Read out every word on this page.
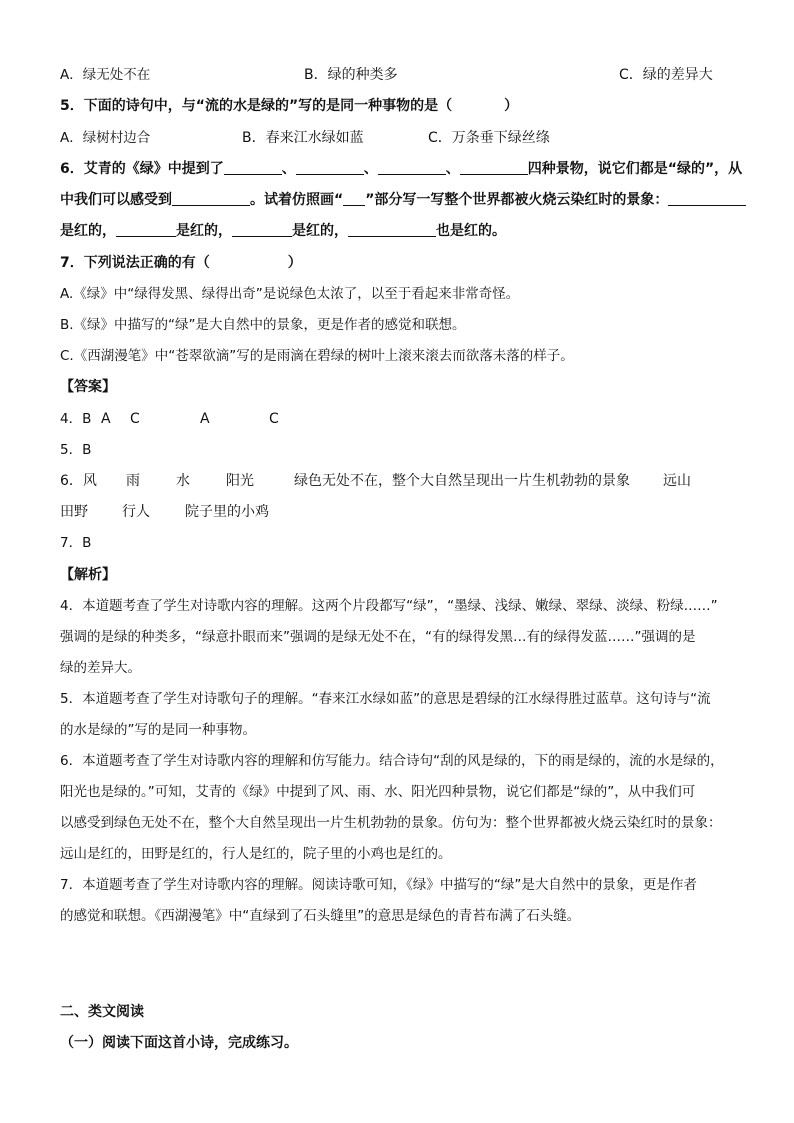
A．绿无处不在	B．绿的种类多	C．绿的差异大
5．下面的诗句中，与“流的水是绿的”写的是同一种事物的是（	）
A．绿树村边合	B．春来江水绿如蓝	C．万条垂下绿丝绦
6．艾青的《绿》中提到了	、	、	、	四种景物，说它们都是“绿的”，从
中我们可以感受到	。试着仿照画“ ”部分写一写整个世界都被火烧云染红时的景象：
是红的，	是红的，	是红的，	也是红的。
7．下列说法正确的有（	）
A.《绿》中“绿得发黑、绿得出奇”是说绿色太浓了，以至于看起来非常奇怪。
B.《绿》中描写的“绿”是大自然中的景象，更是作者的感觉和联想。
C.《西湖漫笔》中“苍翠欲滴”写的是雨滴在碧绿的树叶上滚来滚去而欲落未落的样子。
【答案】
4．B A C	A	C
5．B
6．风 雨	水	阳光	绿色无处不在，整个大自然呈现出一片生机勃勃的景象 远山
田野 行人	院子里的小鸡
7．B
【解析】
4．本道题考查了学生对诗歌内容的理解。这两个片段都写“绿”，“墨绿、浅绿、嫩绿、翠绿、淡绿、粉绿……”
强调的是绿的种类多，“绿意扑眼而来”强调的是绿无处不在，“有的绿得发黑…有的绿得发蓝……”强调的是
绿的差异大。
5．本道题考查了学生对诗歌句子的理解。“春来江水绿如蓝”的意思是碧绿的江水绿得胜过蓝草。这句诗与“流
的水是绿的”写的是同一种事物。
6．本道题考查了学生对诗歌内容的理解和仿写能力。结合诗句“刮的风是绿的，下的雨是绿的，流的水是绿的，
阳光也是绿的。”可知，艾青的《绿》中提到了风、雨、水、阳光四种景物，说它们都是“绿的”，从中我们可
以感受到绿色无处不在，整个大自然呈现出一片生机勃勃的景象。仿句为：整个世界都被火烧云染红时的景象：
远山是红的，田野是红的，行人是红的，院子里的小鸡也是红的。
7．本道题考查了学生对诗歌内容的理解。阅读诗歌可知，《绿》中描写的“绿”是大自然中的景象，更是作者
的感觉和联想。《西湖漫笔》中“直绿到了石头缝里”的意思是绿色的青苔布满了石头缝。
二、类文阅读
（一）阅读下面这首小诗，完成练习。
